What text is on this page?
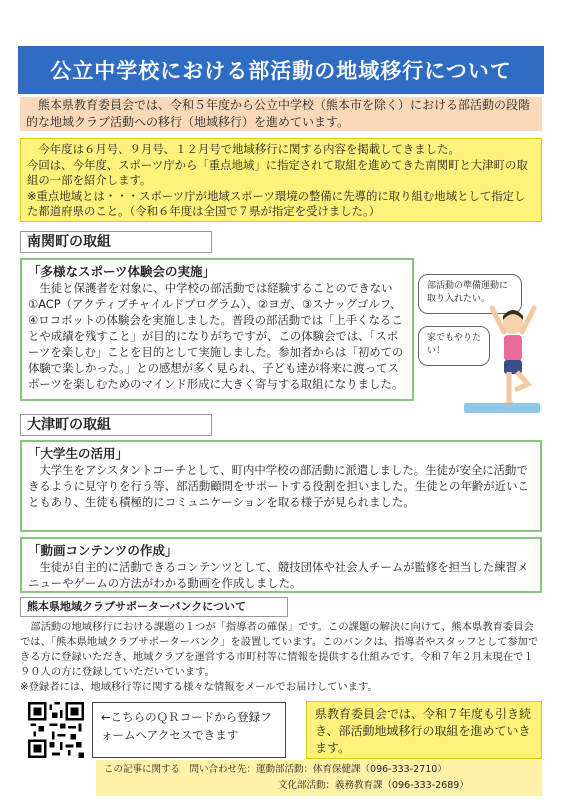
公立中学校における部活動の地域移行について
熊本県教育委員会では、令和５年度から公立中学校（熊本市を除く）における部活動の段階的な地域クラブ活動への移行（地域移行）を進めています。

今年度は６月号、９月号、１２月号で地域移行に関する内容を掲載してきました。

今回は、今年度、スポーツ庁から「重点地域」に指定されて取組を進めてきた南関町と大津町の取組の一部を紹介します。

※重点地域とは・・・スポーツ庁が地域スポーツ環境の整備に先導的に取り組む地域として指定した都道府県のこと。（令和６年度は全国で７県が指定を受けました。）

南関町の取組
「多様なスポーツ体験会の実施」

生徒と保護者を対象に、中学校の部活動では経験することのできない①ACP（アクティブチャイルドプログラム）、②ヨガ、③スナッグゴルフ、④ロコボットの体験会を実施しました。普段の部活動では「上手くなることや成績を残すこと」が目的になりがちですが、この体験会では、「スポーツを楽しむ」ことを目的として実施しました。参加者からは「初めての体験で楽しかった。」との感想が多く見られ、子ども達が将来に渡ってスポーツを楽しむためのマインド形成に大きく寄与する取組になりました。

部活動の準備運動に取り入れたい。
家でもやりたい！
大津町の取組
「大学生の活用」

大学生をアシスタントコーチとして、町内中学校の部活動に派遣しました。生徒が安全に活動できるように見守りを行う等、部活動顧問をサポートする役割を担いました。生徒との年齢が近いこともあり、生徒も積極的にコミュニケーションを取る様子が見られました。

「動画コンテンツの作成」

生徒が自主的に活動できるコンテンツとして、競技団体や社会人チームが監修を担当した練習メニューやゲームの方法がわかる動画を作成しました。

熊本県地域クラブサポーターバンクについて

部活動の地域移行における課題の１つが「指導者の確保」です。この課題の解決に向けて、熊本県教育委員会では、「熊本県地域クラブサポーターバンク」を設置しています。このバンクは、指導者やスタッフとして参加できる方に登録いただき、地域クラブを運営する市町村等に情報を提供する仕組みです。令和７年２月末現在で１９０人の方に登録していただいています。

※登録者には、地域移行等に関する様々な情報をメールでお届けしています。
←こちらのＱＲコードから登録フォームへアクセスできます
県教育委員会では、令和７年度も引き続き、部活動地域移行の取組を進めていきます。
この記事に関する　問い合わせ先： 運動部活動：体育保健課 （096-333-2710）
文化部活動：義務教育課 （096-333-2689）
